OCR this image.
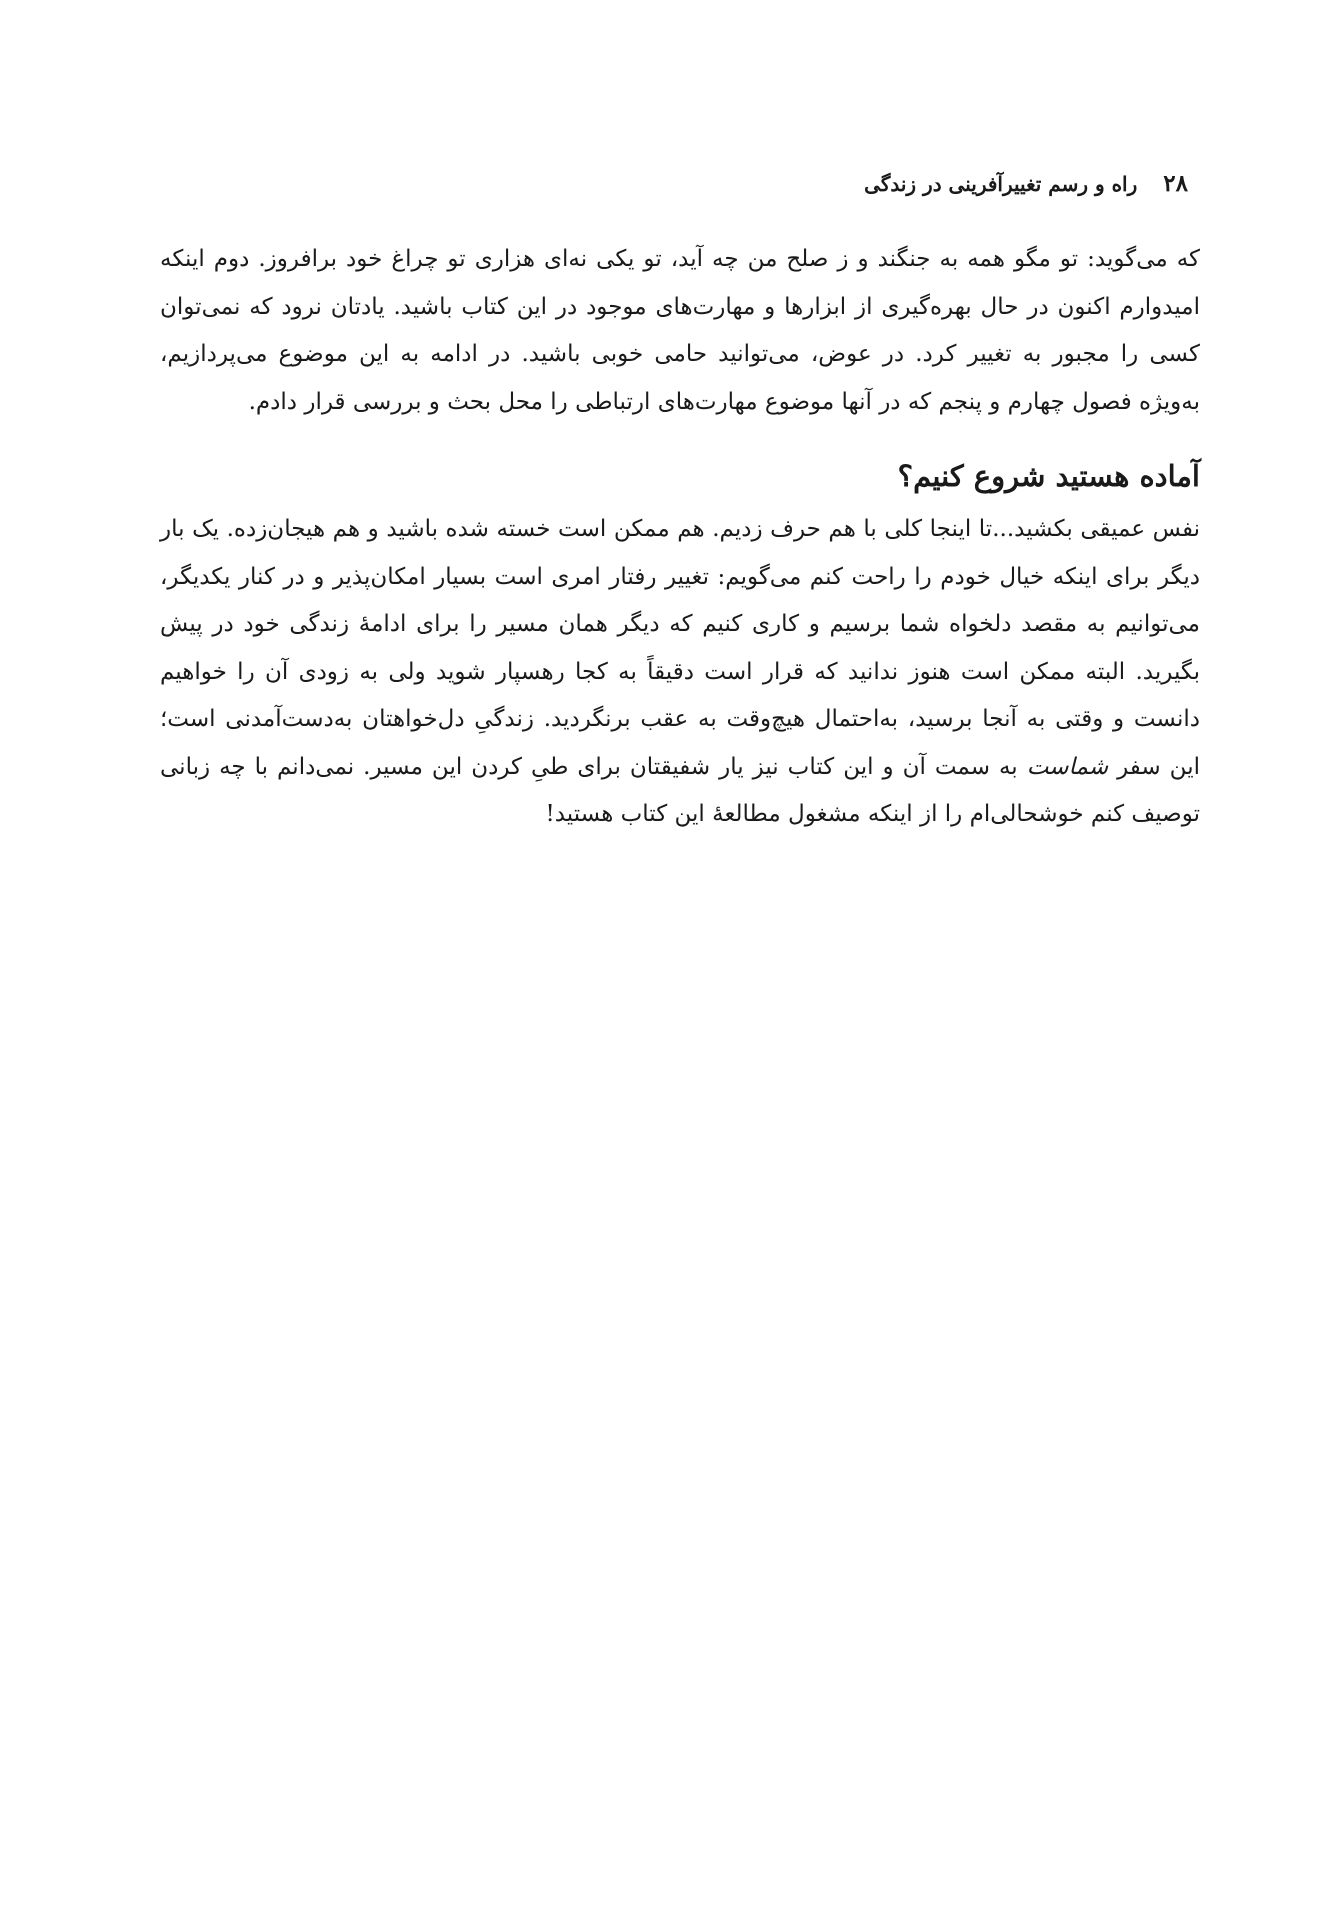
۲۸
راه و رسم تغییرآفرینی در زندگی

که می‌گوید: تو مگو همه به جنگند و ز صلح من چه آید، تو یکی نه‌ای هزاری تو چراغ خود برافروز. دوم اینکه امیدوارم اکنون در حال بهره‌گیری از ابزارها و مهارت‌های موجود در این کتاب باشید. یادتان نرود که نمی‌توان کسی را مجبور به تغییر کرد. در عوض، می‌توانید حامی خوبی باشید. در ادامه به این موضوع می‌پردازیم، به‌ویژه فصول چهارم و پنجم که در آنها موضوع مهارت‌های ارتباطی را محل بحث و بررسی قرار دادم.

آماده هستید شروع کنیم؟

نفس عمیقی بکشید...تا اینجا کلی با هم حرف زدیم. هم ممکن است خسته شده باشید و هم هیجان‌زده. یک بار دیگر برای اینکه خیال خودم را راحت کنم می‌گویم: تغییر رفتار امری است بسیار امکان‌پذیر و در کنار یکدیگر، می‌توانیم به مقصد دلخواه شما برسیم و کاری کنیم که دیگر همان مسیر را برای ادامهٔ زندگی خود در پیش بگیرید. البته ممکن است هنوز ندانید که قرار است دقیقاً به کجا رهسپار شوید ولی به زودی آن را خواهیم دانست و وقتی به آنجا برسید، به‌احتمال هیچ‌وقت به عقب برنگردید. زندگیِ دل‌خواهتان به‌دست‌آمدنی است؛ این سفر شماست به سمت آن و این کتاب نیز یار شفیقتان برای طیِ کردن این مسیر. نمی‌دانم با چه زبانی توصیف کنم خوشحالی‌ام را از اینکه مشغول مطالعهٔ این کتاب هستید!
